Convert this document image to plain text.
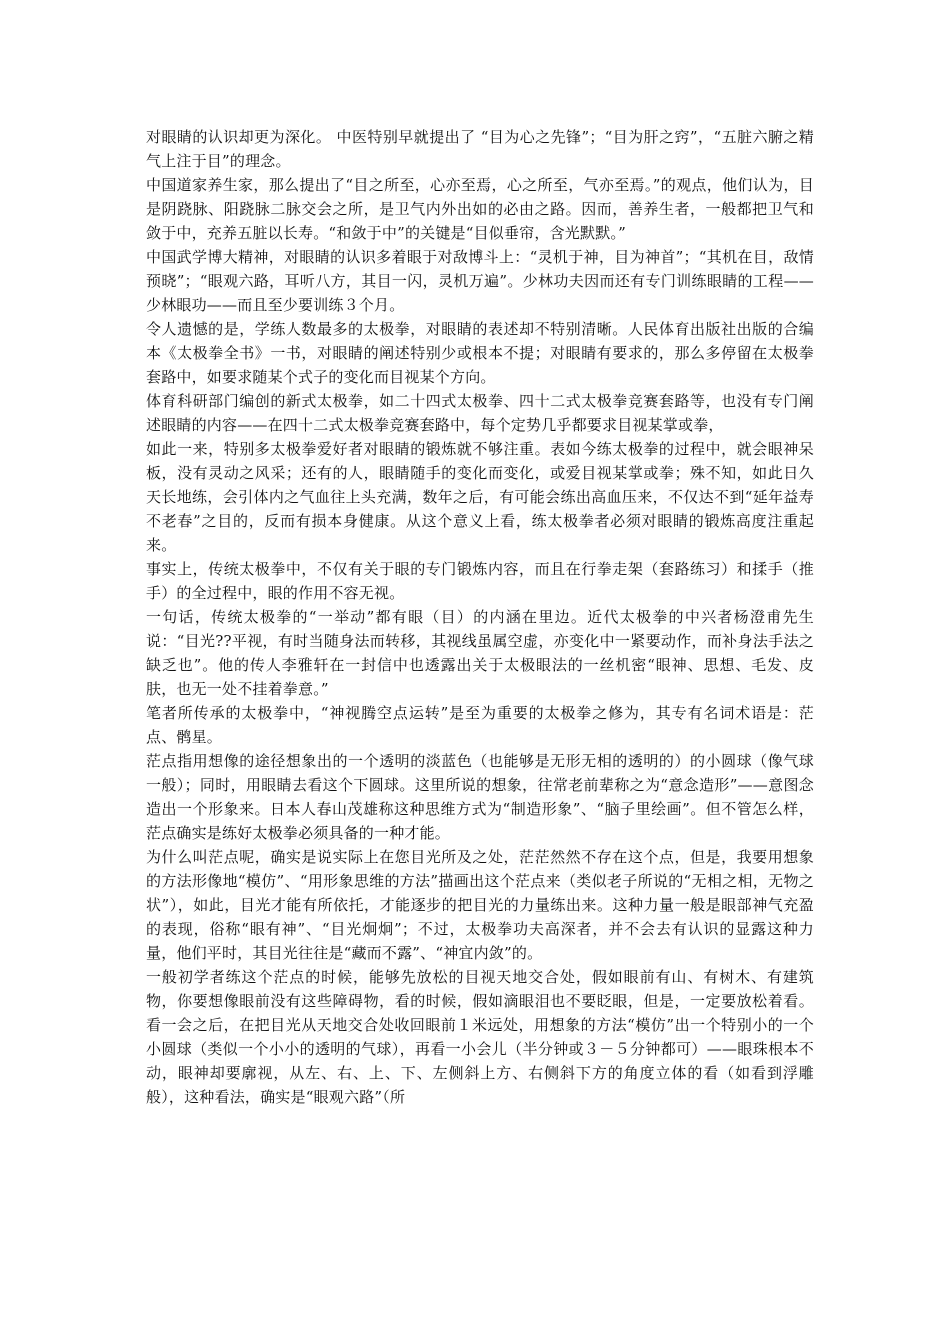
对眼睛的认识却更为深化。 中医特别早就提出了 “目为心之先锋”；“目为肝之窍”，“五脏六腑之精气上注于目”的理念。

中国道家养生家，那么提出了“目之所至，心亦至焉，心之所至，气亦至焉。”的观点，他们认为，目是阴跷脉、阳跷脉二脉交会之所，是卫气内外出如的必由之路。因而，善养生者，一般都把卫气和敛于中，充养五脏以长寿。“和敛于中”的关键是“目似垂帘，含光默默。”

中国武学博大精神，对眼睛的认识多着眼于对敌博斗上：“灵机于神，目为神首”；“其机在目，敌情预晓”；“眼观六路，耳听八方，其目一闪，灵机万遍”。少林功夫因而还有专门训练眼睛的工程——少林眼功——而且至少要训练３个月。

令人遗憾的是，学练人数最多的太极拳，对眼睛的表述却不特别清晰。人民体育出版社出版的合编本《太极拳全书》一书，对眼睛的阐述特别少或根本不提；对眼睛有要求的，那么多停留在太极拳套路中，如要求随某个式子的变化而目视某个方向。

体育科研部门编创的新式太极拳，如二十四式太极拳、四十二式太极拳竞赛套路等，也没有专门阐述眼睛的内容——在四十二式太极拳竞赛套路中，每个定势几乎都要求目视某掌或拳，

如此一来，特别多太极拳爱好者对眼睛的锻炼就不够注重。表如今练太极拳的过程中，就会眼神呆板，没有灵动之风采；还有的人，眼睛随手的变化而变化，或爱目视某掌或拳；殊不知，如此日久天长地练，会引体内之气血往上头充满，数年之后，有可能会练出高血压来，不仅达不到“延年益寿不老春”之目的，反而有损本身健康。从这个意义上看，练太极拳者必须对眼睛的锻炼高度注重起来。

事实上，传统太极拳中，不仅有关于眼的专门锻炼内容，而且在行拳走架（套路练习）和揉手（推手）的全过程中，眼的作用不容无视。

一句话，传统太极拳的“一举动”都有眼（目）的内涵在里边。近代太极拳的中兴者杨澄甫先生说：“目光??平视，有时当随身法而转移，其视线虽属空虚，亦变化中一紧要动作，而补身法手法之缺乏也”。他的传人李雅轩在一封信中也透露出关于太极眼法的一丝机密“眼神、思想、毛发、皮肤，也无一处不挂着拳意。”

笔者所传承的太极拳中，“神视腾空点运转”是至为重要的太极拳之修为，其专有名词术语是：茫点、鹘星。

茫点指用想像的途径想象出的一个透明的淡蓝色（也能够是无形无相的透明的）的小圆球（像气球一般）；同时，用眼睛去看这个下圆球。这里所说的想象，往常老前辈称之为“意念造形”——意图念造出一个形象来。日本人春山茂雄称这种思维方式为“制造形象”、“脑子里绘画”。但不管怎么样，茫点确实是练好太极拳必须具备的一种才能。

为什么叫茫点呢，确实是说实际上在您目光所及之处，茫茫然然不存在这个点，但是，我要用想象的方法形像地“模仿”、“用形象思维的方法”描画出这个茫点来（类似老子所说的“无相之相，无物之状”），如此，目光才能有所依托，才能逐步的把目光的力量练出来。这种力量一般是眼部神气充盈的表现，俗称“眼有神”、“目光炯炯”；不过，太极拳功夫高深者，并不会去有认识的显露这种力量，他们平时，其目光往往是“藏而不露”、“神宜内敛”的。

一般初学者练这个茫点的时候，能够先放松的目视天地交合处，假如眼前有山、有树木、有建筑物，你要想像眼前没有这些障碍物，看的时候，假如滴眼泪也不要眨眼，但是，一定要放松着看。看一会之后，在把目光从天地交合处收回眼前１米远处，用想象的方法“模仿”出一个特别小的一个小圆球（类似一个小小的透明的气球），再看一小会儿（半分钟或３－５分钟都可）——眼珠根本不动，眼神却要廓视，从左、右、上、下、左侧斜上方、右侧斜下方的角度立体的看（如看到浮雕般），这种看法，确实是“眼观六路”（所
